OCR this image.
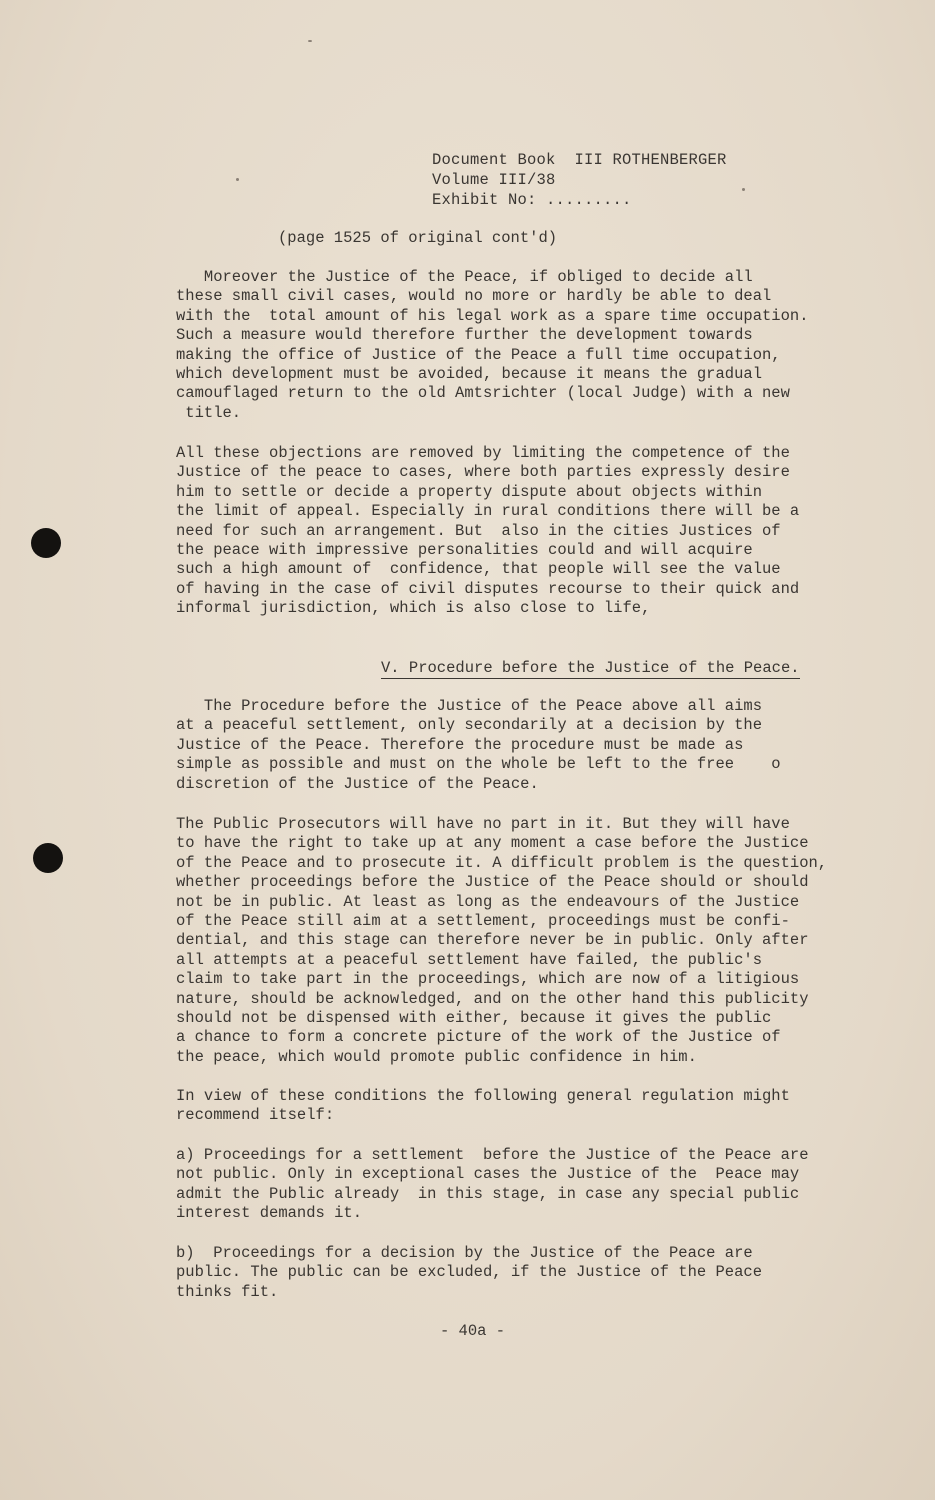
Document Book  III ROTHENBERGER
Volume III/38
Exhibit No: .........
(page 1525 of original cont'd)
Moreover the Justice of the Peace, if obliged to decide all
these small civil cases, would no more or hardly be able to deal
with the  total amount of his legal work as a spare time occupation.
Such a measure would therefore further the development towards
making the office of Justice of the Peace a full time occupation,
which development must be avoided, because it means the gradual
camouflaged return to the old Amtsrichter (local Judge) with a new
title.
All these objections are removed by limiting the competence of the
Justice of the peace to cases, where both parties expressly desire
him to settle or decide a property dispute about objects within
the limit of appeal. Especially in rural conditions there will be a
need for such an arrangement. But  also in the cities Justices of
the peace with impressive personalities could and will acquire
such a high amount of  confidence, that people will see the value
of having in the case of civil disputes recourse to their quick and
informal jurisdiction, which is also close to life,
V. Procedure before the Justice of the Peace.
The Procedure before the Justice of the Peace above all aims
at a peaceful settlement, only secondarily at a decision by the
Justice of the Peace. Therefore the procedure must be made as
simple as possible and must on the whole be left to the free    o
discretion of the Justice of the Peace.
The Public Prosecutors will have no part in it. But they will have
to have the right to take up at any moment a case before the Justice
of the Peace and to prosecute it. A difficult problem is the question,
whether proceedings before the Justice of the Peace should or should
not be in public. At least as long as the endeavours of the Justice
of the Peace still aim at a settlement, proceedings must be confi-
dential, and this stage can therefore never be in public. Only after
all attempts at a peaceful settlement have failed, the public's
claim to take part in the proceedings, which are now of a litigious
nature, should be acknowledged, and on the other hand this publicity
should not be dispensed with either, because it gives the public
a chance to form a concrete picture of the work of the Justice of
the peace, which would promote public confidence in him.
In view of these conditions the following general regulation might
recommend itself:
a) Proceedings for a settlement  before the Justice of the Peace are
not public. Only in exceptional cases the Justice of the  Peace may
admit the Public already  in this stage, in case any special public
interest demands it.
b)  Proceedings for a decision by the Justice of the Peace are
public. The public can be excluded, if the Justice of the Peace
thinks fit.
- 40a -
